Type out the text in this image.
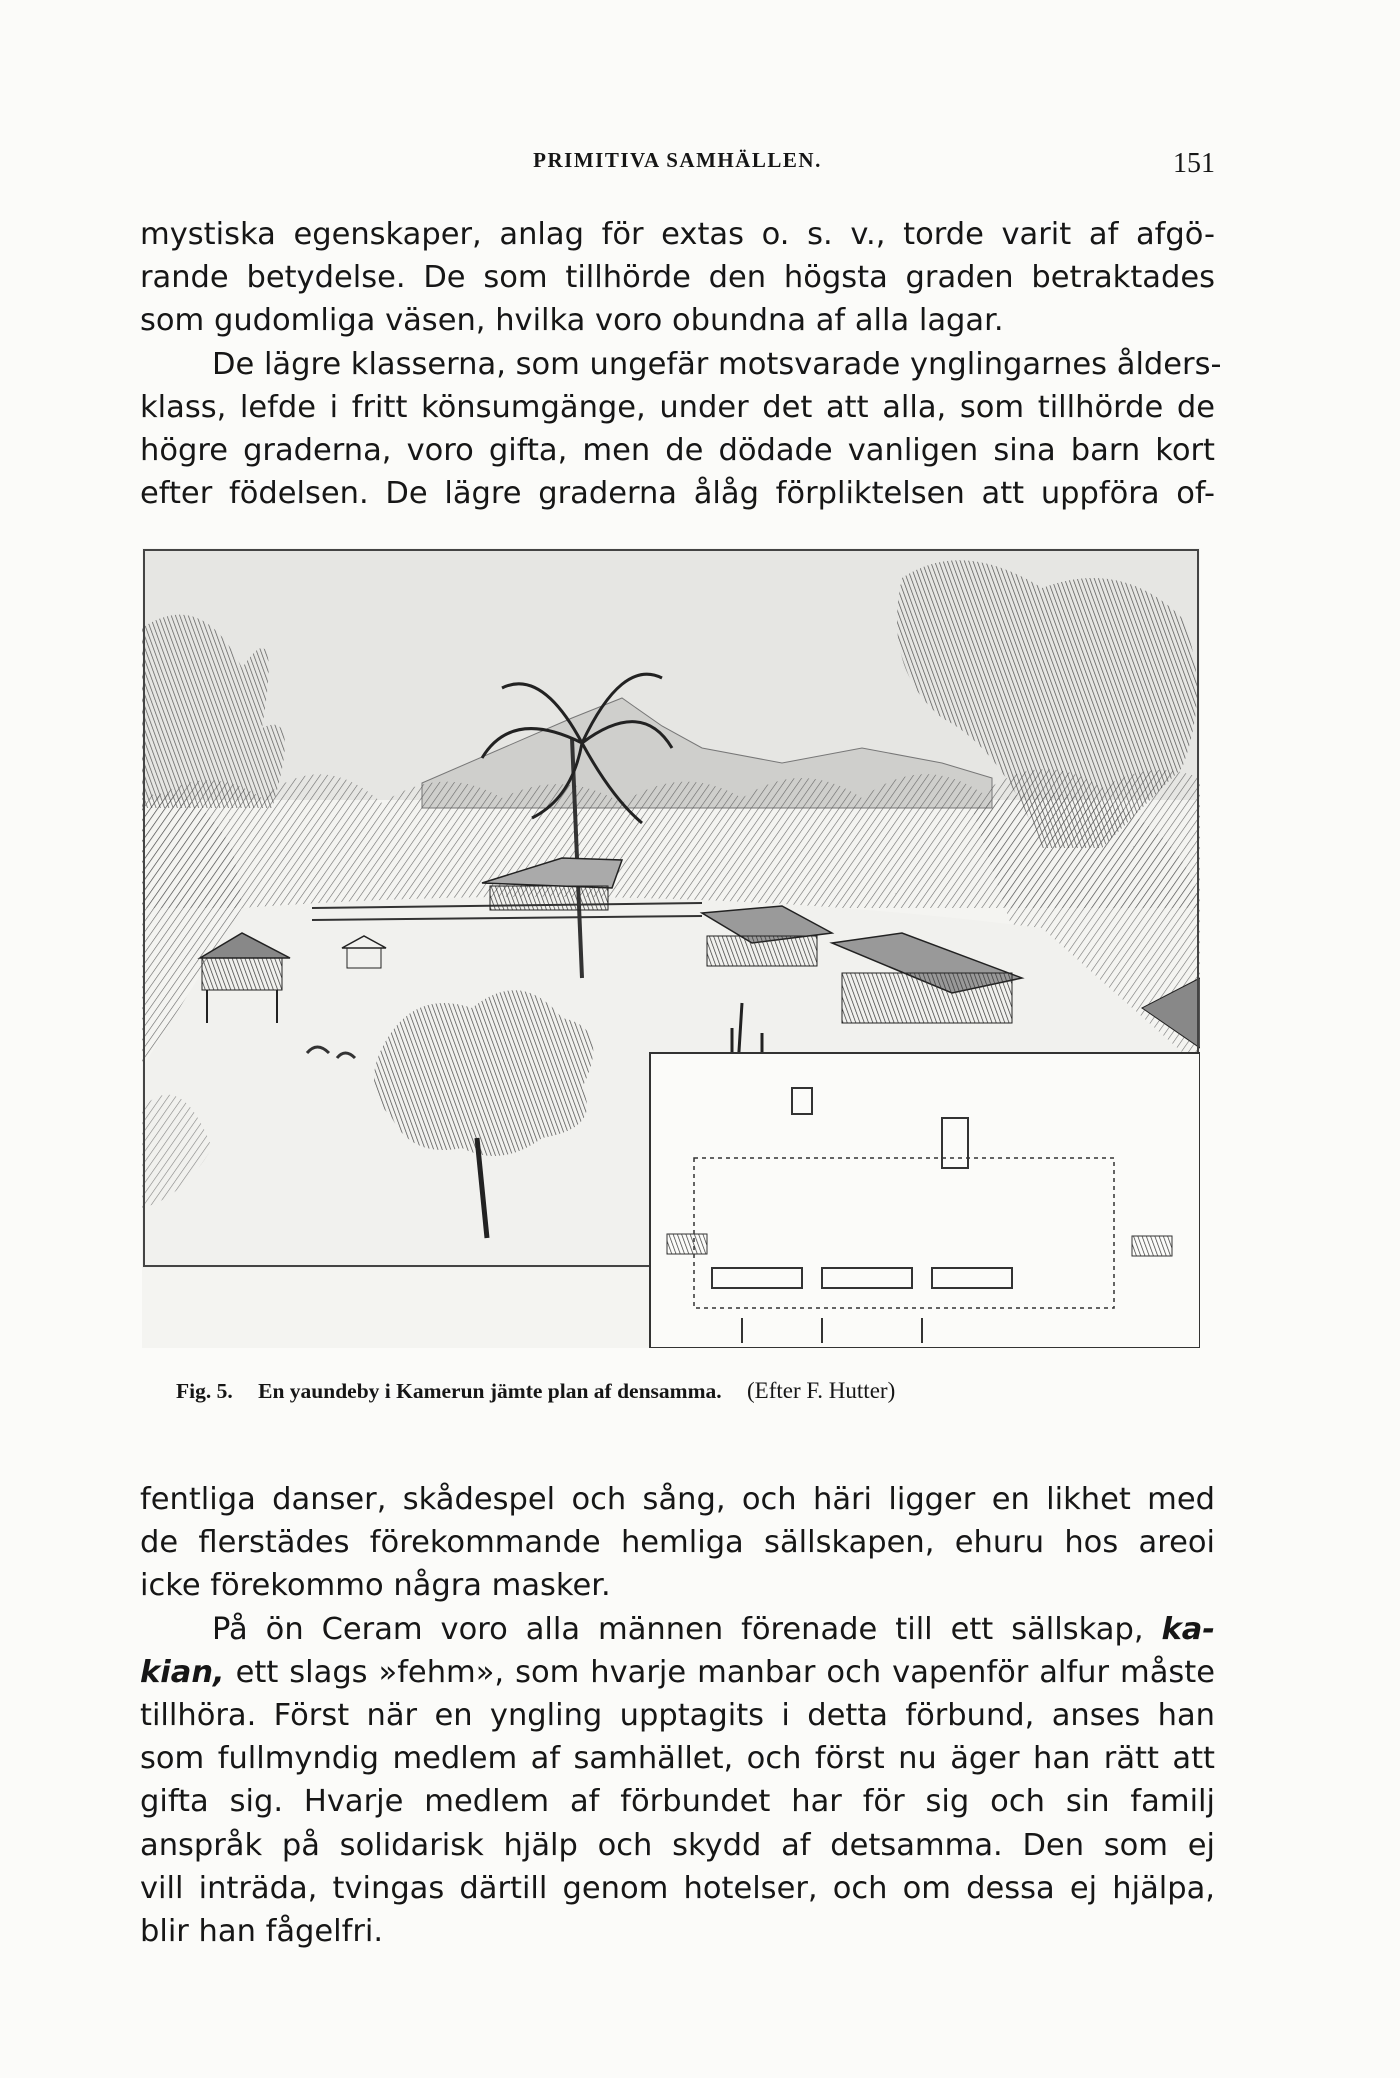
PRIMITIVA SAMHÄLLEN.	151
mystiska egenskaper, anlag för extas o. s. v., torde varit af afgö-
rande betydelse. De som tillhörde den högsta graden betraktades
som gudomliga väsen, hvilka voro obundna af alla lagar.
De lägre klasserna, som ungefär motsvarade ynglingarnes ålders-
klass, lefde i fritt könsumgänge, under det att alla, som tillhörde de
högre graderna, voro gifta, men de dödade vanligen sina barn kort
efter födelsen. De lägre graderna ålåg förpliktelsen att uppföra of-
Fig. 5. En yaundeby i Kamerun jämte plan af densamma. (Efter F. Hutter)
fentliga danser, skådespel och sång, och häri ligger en likhet med
de flerstädes förekommande hemliga sällskapen, ehuru hos areoi
icke förekommo några masker.
På ön Ceram voro alla männen förenade till ett sällskap, ka-
kian, ett slags »fehm», som hvarje manbar och vapenför alfur måste
tillhöra. Först när en yngling upptagits i detta förbund, anses han
som fullmyndig medlem af samhället, och först nu äger han rätt att
gifta sig. Hvarje medlem af förbundet har för sig och sin familj
anspråk på solidarisk hjälp och skydd af detsamma. Den som ej
vill inträda, tvingas därtill genom hotelser, och om dessa ej hjälpa,
blir han fågelfri.
